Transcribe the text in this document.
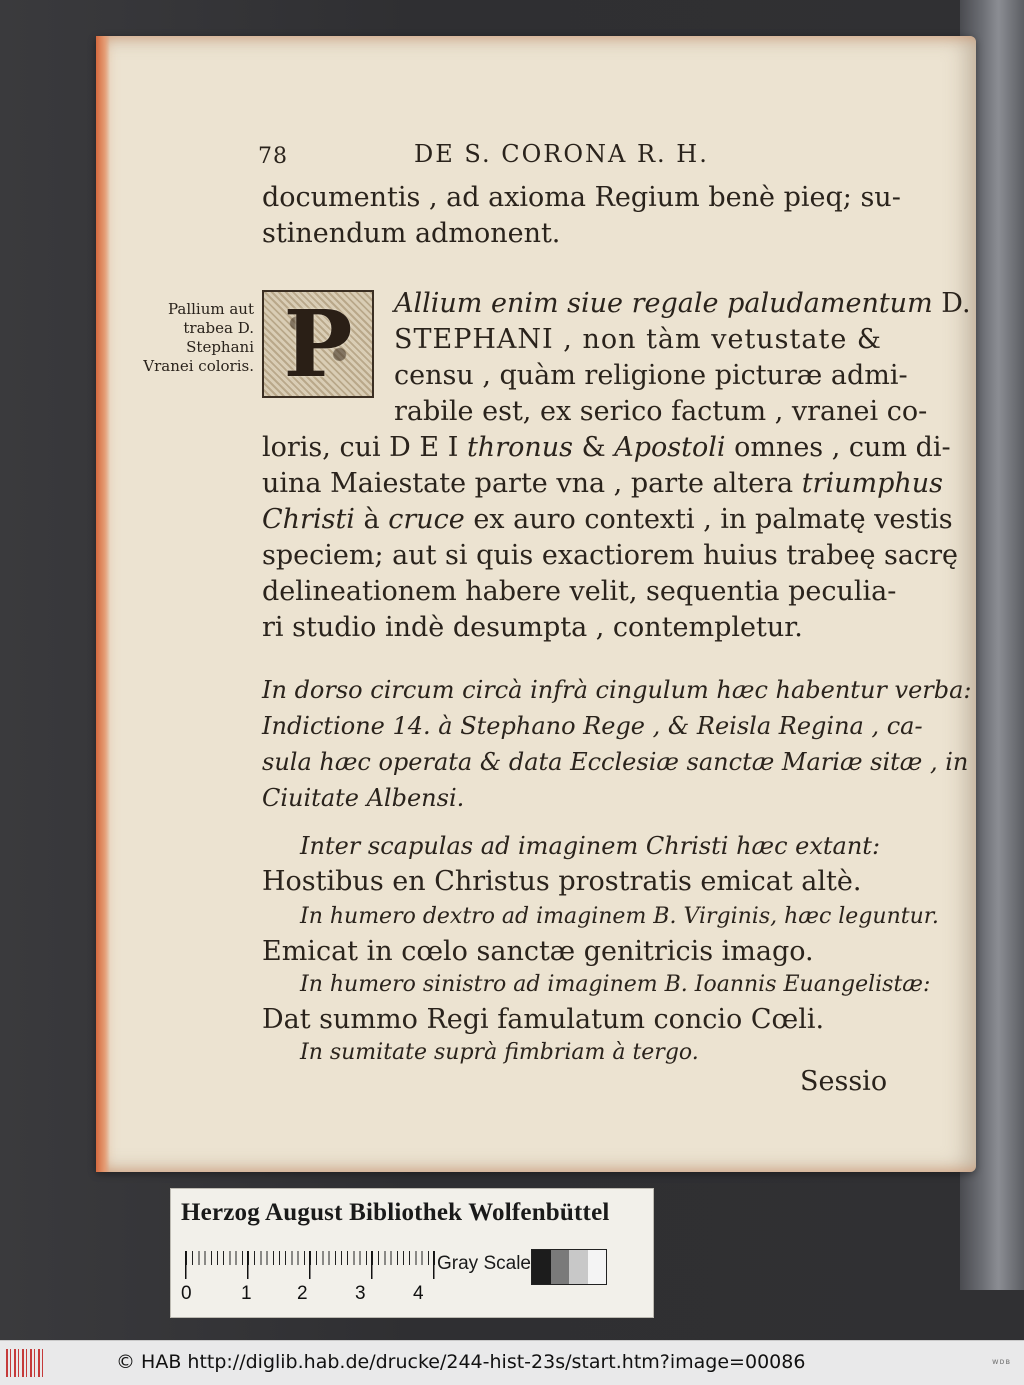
78	DE S. CORONA R. H.
documentis , ad axioma Regium benè pieq; su-
stinendum admonent.
Pallium aut trabea D. Stephani Vranei coloris. P	Allium enim siue regale paludamentum D.
STEPHANI , non tàm vetustate &
censu , quàm religione picturæ admi-
rabile est, ex serico factum , vranei co-
loris, cui D E I thronus & Apostoli omnes , cum di-
uina Maiestate parte vna , parte altera triumphus
Christi à cruce ex auro contexti , in palmatę vestis
speciem; aut si quis exactiorem huius trabeę sacrę
delineationem habere velit, sequentia peculia-
ri studio indè desumpta , contempletur.
In dorso circum circà infrà cingulum hæc habentur verba:
Indictione 14. à Stephano Rege , & Reisla Regina , ca-
sula hæc operata & data Ecclesiæ sanctæ Mariæ sitæ , in
Ciuitate Albensi.
Inter scapulas ad imaginem Christi hæc extant:
Hostibus en Christus prostratis emicat altè.
In humero dextro ad imaginem B. Virginis, hæc leguntur.
Emicat in cœlo sanctæ genitricis imago.
In humero sinistro ad imaginem B. Ioannis Euangelistæ:
Dat summo Regi famulatum concio Cœli.
In sumitate suprà fimbriam à tergo.
Sessio
Herzog August Bibliothek Wolfenbüttel
0	1 2 3 4
Gray Scale
© HAB http://diglib.hab.de/drucke/244-hist-23s/start.htm?image=00086	ᴡᴅʙ
